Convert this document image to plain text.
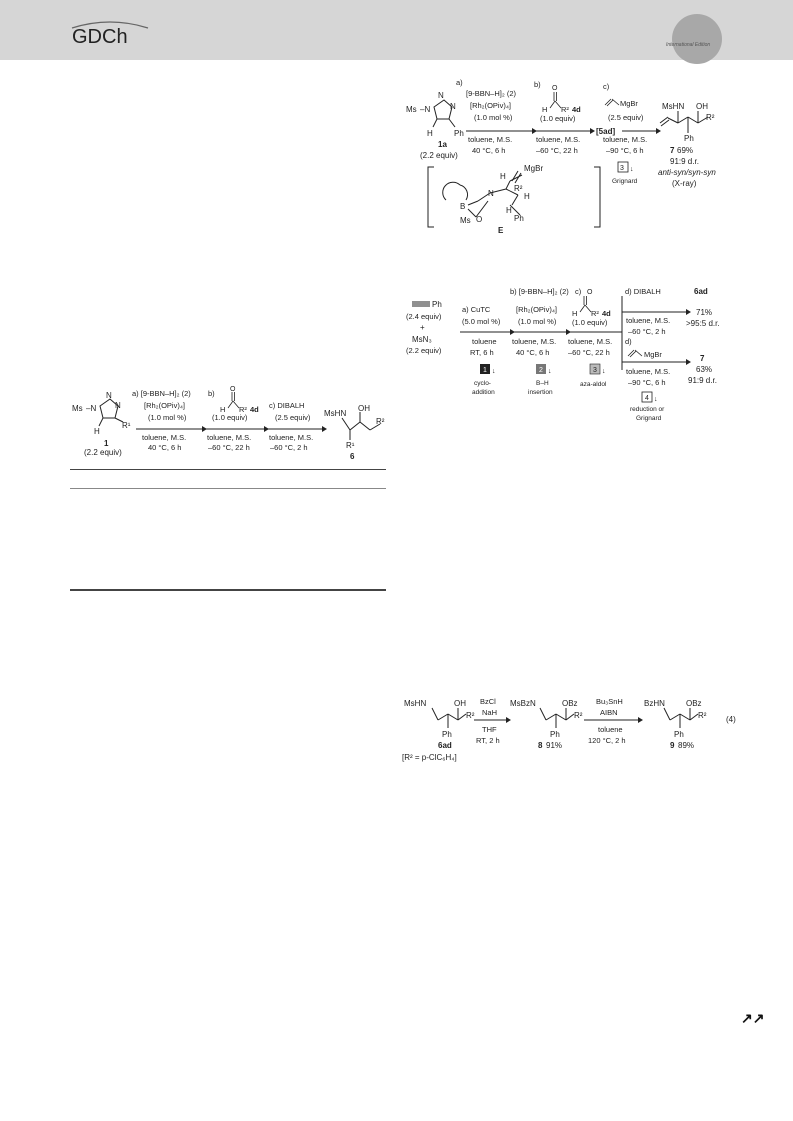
GDCh	International Edition
Ms –N
N
N
H
R¹
1
(2.2 equiv)
a) [9-BBN–H]₂ (2)
[Rh₂(OPiv)₄]
(1.0 mol %)
toluene, M.S.
40 °C, 6 h
b) O
H R² 4d
(1.0 equiv)
toluene, M.S.
–60 °C, 22 h
c) DIBALH
(2.5 equiv)
toluene, M.S.
–60 °C, 2 h
MsHN
OH
R²
R¹
6
Ms –N
N
N
H	Ph
1a
(2.2 equiv)
a)
[9-BBN–H]₂ (2)
[Rh₂(OPiv)₄]
(1.0 mol %)
toluene, M.S.
40 °C, 6 h
b) O
H R² 4d
(1.0 equiv)
toluene, M.S.
–60 °C, 22 h
[5ad]
c)
MgBr
(2.5 equiv)
toluene, M.S.
–90 °C, 6 h
3 ↓
Grignard
MsHN OH
R²
Ph
7 69%
91:9 d.r.
anti-syn/syn-syn
(X-ray)
B
N
O
Ms
H
MgBr
R²
H
H
Ph
E
Ph
(2.4 equiv)
+
MsN₃
(2.2 equiv)
a) CuTC
(5.0 mol %)
toluene
RT, 6 h
1 ↓
cyclo-
addition
b) [9-BBN–H]₂ (2)
[Rh₂(OPiv)₄]
(1.0 mol %)
toluene, M.S.
40 °C, 6 h
2 ↓
B–H
insertion
c) O
H R² 4d
(1.0 equiv)
toluene, M.S.
–60 °C, 22 h
3 ↓
aza-aldol
d) DIBALH
toluene, M.S.
–60 °C, 2 h
d)
MgBr
toluene, M.S.
–90 °C, 6 h
4 ↓
reduction or
Grignard
6ad
71%
>95:5 d.r.
7
63%
91:9 d.r.
MsHN	OH
R²
Ph
6ad
[R² = p-ClC₆H₄]
BzCl
NaH
THF
RT, 2 h
MsBzN	OBz
R²
Ph
8 91%
Bu₃SnH
AIBN
toluene
120 °C, 2 h
BzHN	OBz
R²
Ph
9 89%
(4)
↗↗
